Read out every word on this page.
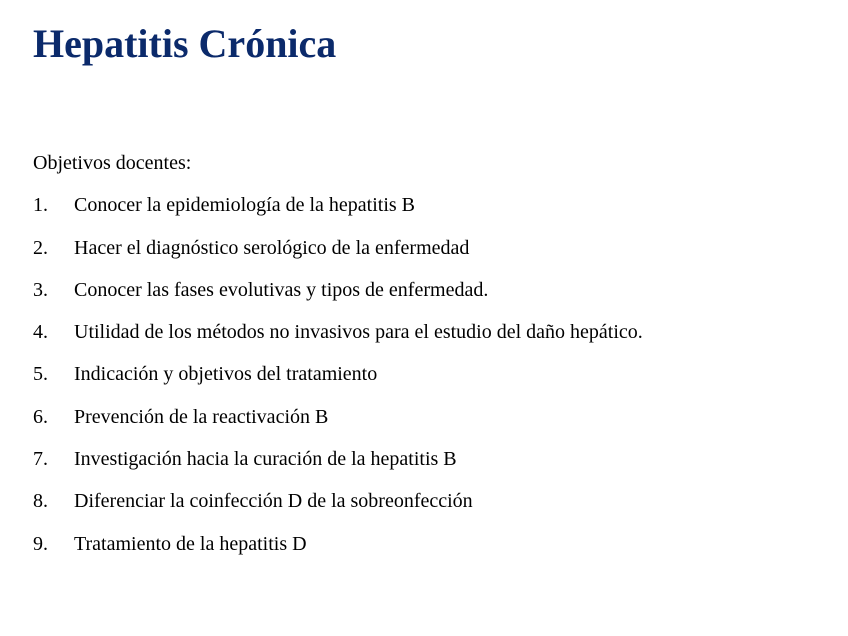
Hepatitis Crónica

Objetivos docentes:

1.	Conocer la epidemiología de la hepatitis B
2.	Hacer el diagnóstico serológico de la enfermedad
3.	Conocer las fases evolutivas y tipos de enfermedad.
4.	Utilidad de los métodos no invasivos para el estudio del daño hepático.
5.	Indicación y objetivos del tratamiento
6.	Prevención de la reactivación B
7.	Investigación hacia la curación de la hepatitis B
8.	Diferenciar la coinfección D de la sobreonfección
9.	Tratamiento de la hepatitis D
